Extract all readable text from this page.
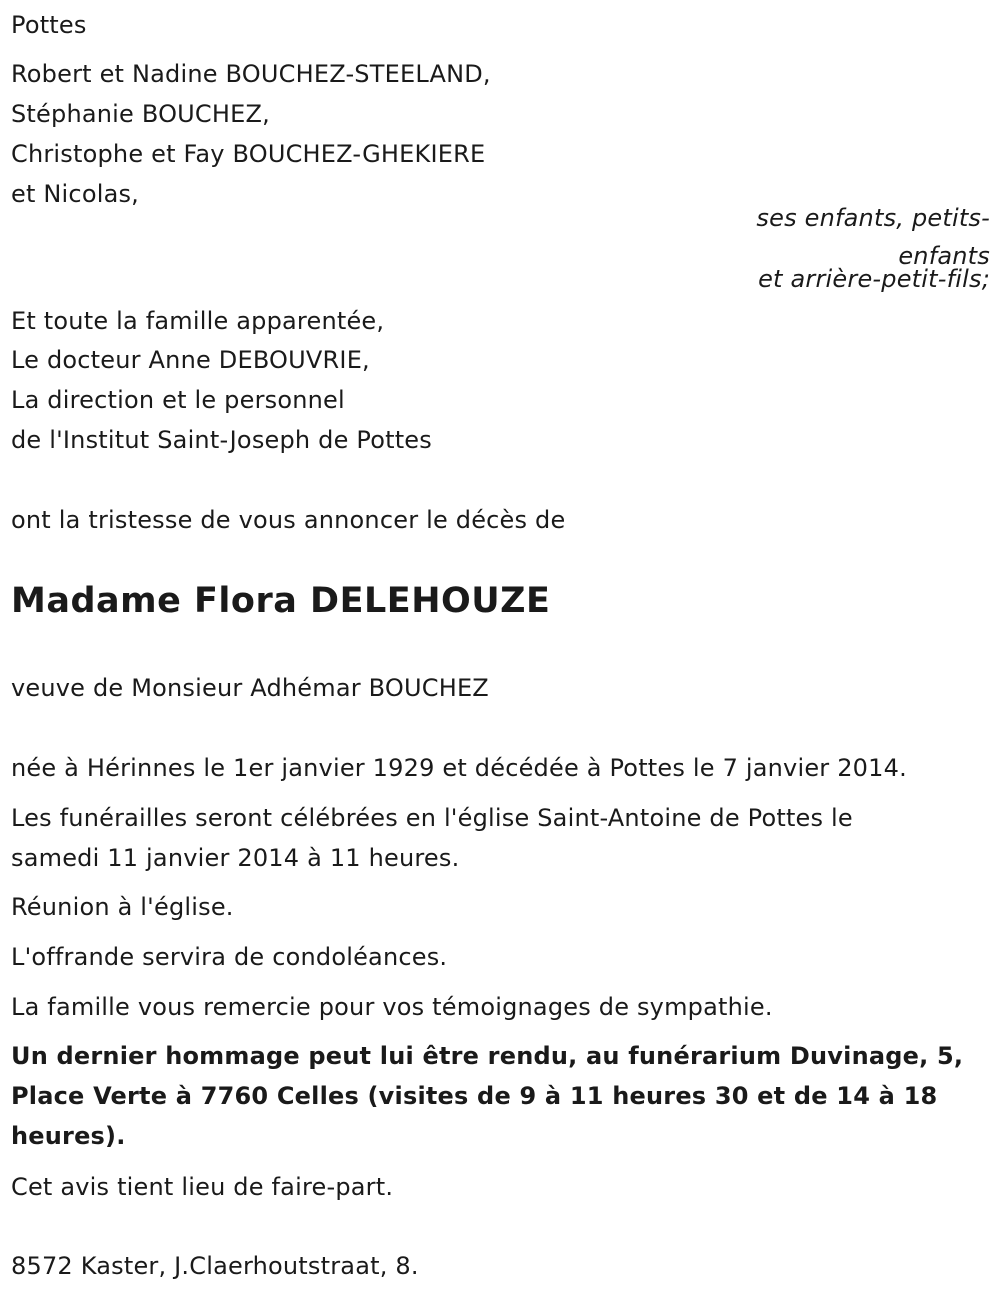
Pottes
Robert et Nadine BOUCHEZ-STEELAND,
Stéphanie BOUCHEZ,
Christophe et Fay BOUCHEZ-GHEKIERE
et Nicolas,
ses enfants, petits-
enfants
et arrière-petit-fils;
Et toute la famille apparentée,
Le docteur Anne DEBOUVRIE,
La direction et le personnel
de l'Institut Saint-Joseph de Pottes
ont la tristesse de vous annoncer le décès de
Madame Flora DELEHOUZE
veuve de Monsieur Adhémar BOUCHEZ
née à Hérinnes le 1er janvier 1929 et décédée à Pottes le 7 janvier 2014.
Les funérailles seront célébrées en l'église Saint-Antoine de Pottes le
samedi 11 janvier 2014 à 11 heures.
Réunion à l'église.
L'offrande servira de condoléances.
La famille vous remercie pour vos témoignages de sympathie.
Un dernier hommage peut lui être rendu, au funérarium Duvinage, 5,
Place Verte à 7760 Celles (visites de 9 à 11 heures 30 et de 14 à 18
heures).
Cet avis tient lieu de faire-part.
8572 Kaster, J.Claerhoutstraat, 8.
